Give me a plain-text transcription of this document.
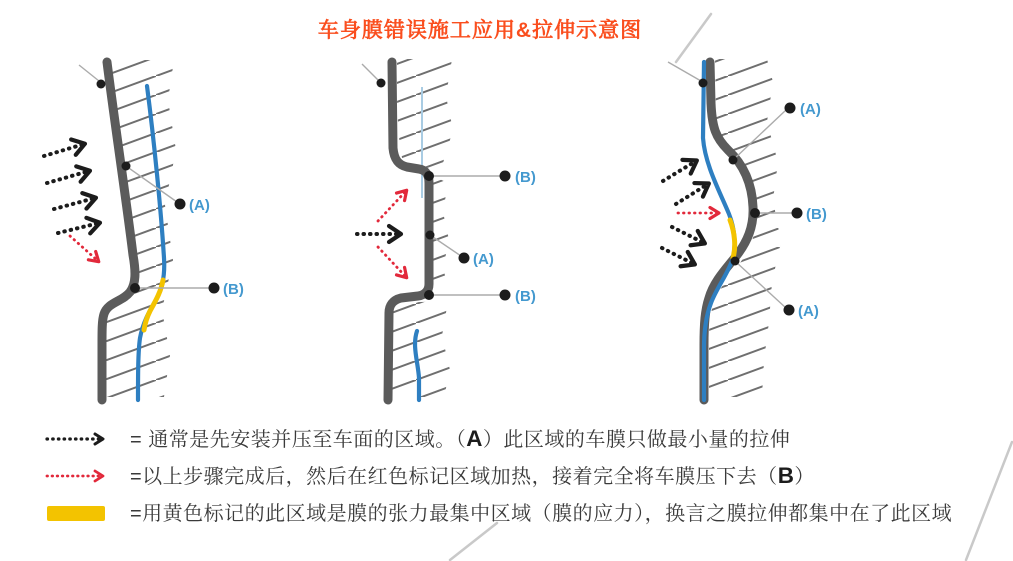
车身膜错误施工应用&拉伸示意图
(A)
(B)
(B)
(A)
(B)
(A)
(B)
(A)
= 通常是先安装并压至车面的区域。（A）此区域的车膜只做最小量的拉伸
=以上步骤完成后，然后在红色标记区域加热，接着完全将车膜压下去（B）
=用黄色标记的此区域是膜的张力最集中区域（膜的应力），换言之膜拉伸都集中在了此区域
